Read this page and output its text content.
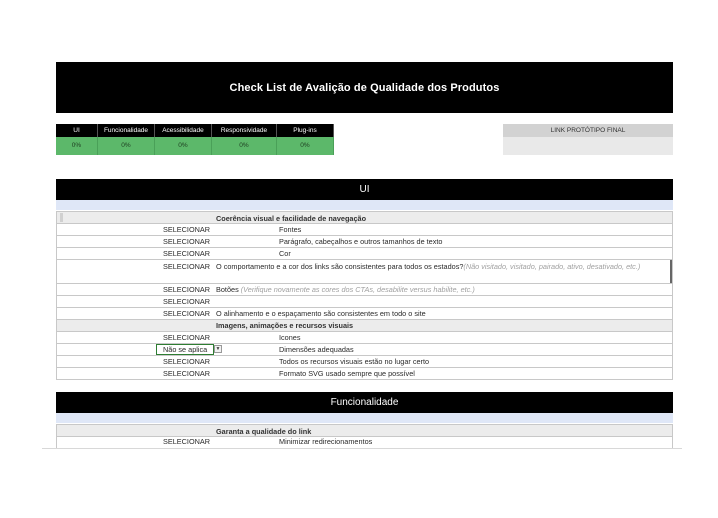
Check List de Avalição de Qualidade dos Produtos
UI	Funcionalidade	Acessibilidade	Responsividade	Plug-ins
0%	0%	0%	0%	0%
LINK PROTÓTIPO FINAL
UI
Coerência visual e facilidade de navegação
SELECIONAR	Fontes
SELECIONAR	Parágrafo, cabeçalhos e outros tamanhos de texto
SELECIONAR	Cor
SELECIONAR O comportamento e a cor dos links são consistentes para todos os estados?(Não visitado, visitado, pairado, ativo, desativado, etc.)
SELECIONAR Botões (Verifique novamente as cores dos CTAs, desabilite versus habilite, etc.)
SELECIONAR
SELECIONAR O alinhamento e o espaçamento são consistentes em todo o site
Imagens, animações e recursos visuais
SELECIONAR	Icones
Não se aplica	▼	Dimensões adequadas
SELECIONAR	Todos os recursos visuais estão no lugar certo
SELECIONAR	Formato SVG usado sempre que possível
Funcionalidade
Garanta a qualidade do link
SELECIONAR	Minimizar redirecionamentos
